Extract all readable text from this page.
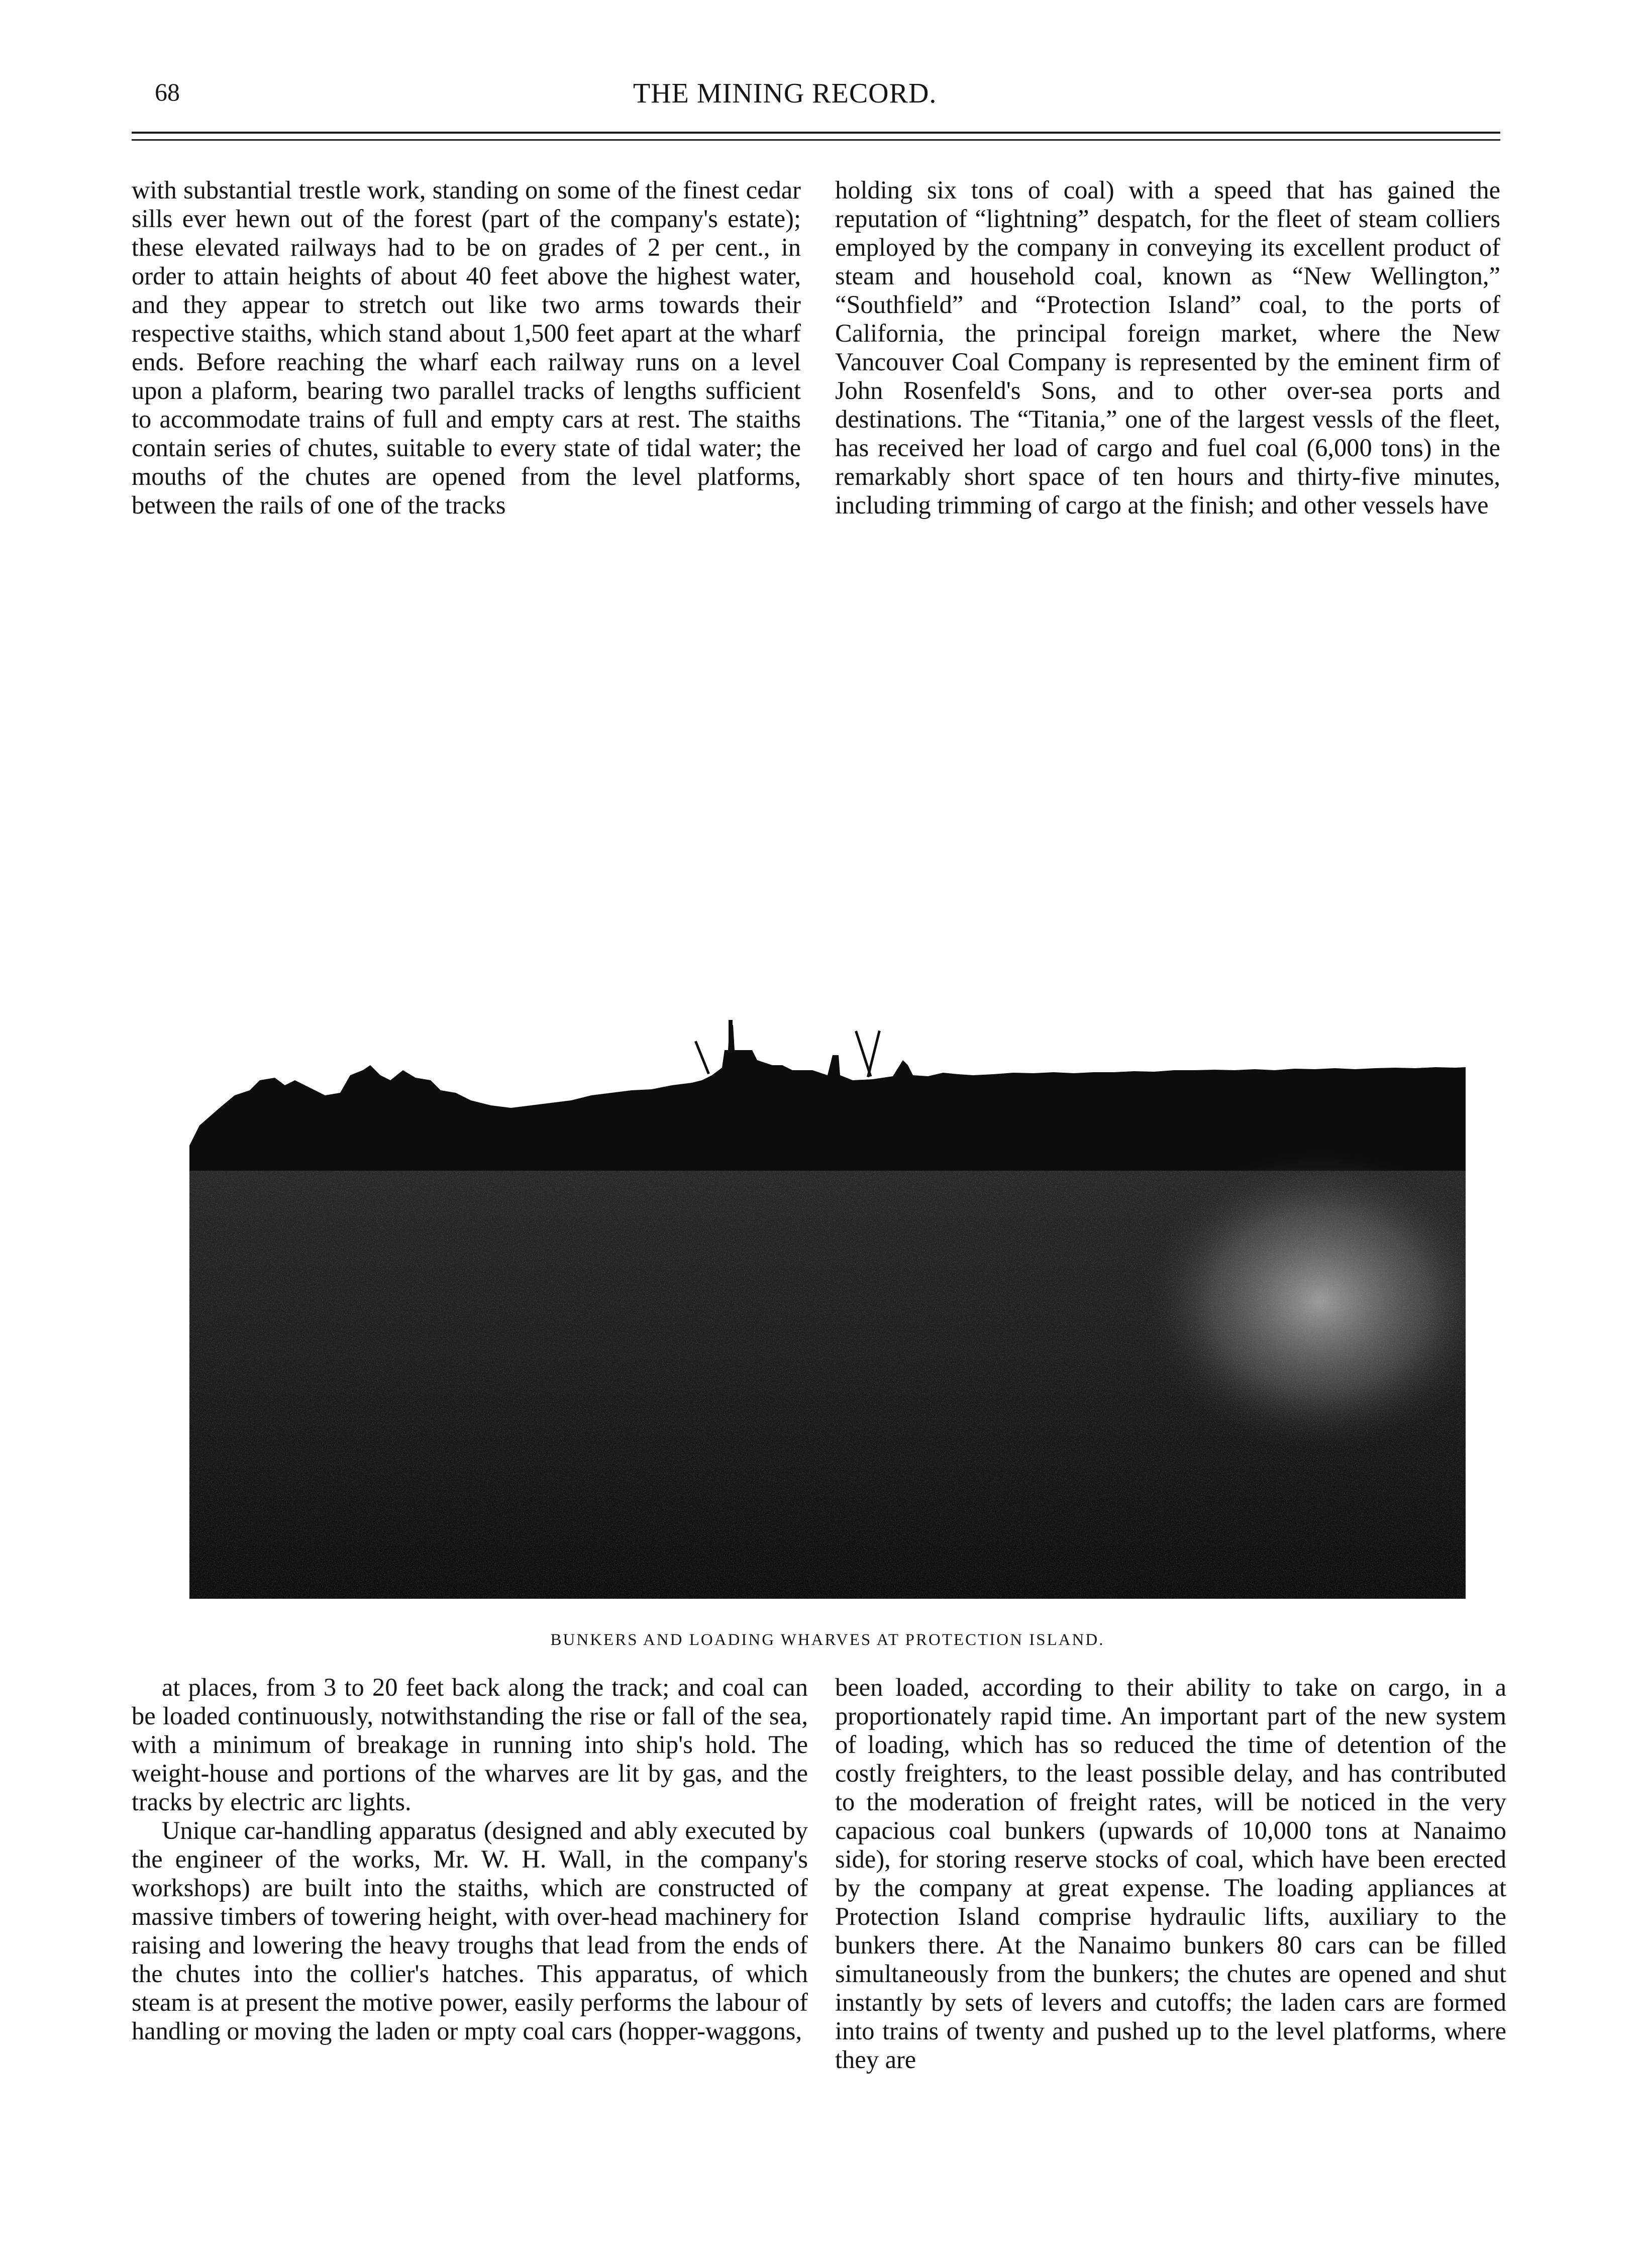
68	THE MINING RECORD.

with substantial trestle work, standing on some of the finest cedar sills ever hewn out of the forest (part of the company's estate); these elevated railways had to be on grades of 2 per cent., in order to attain heights of about 40 feet above the highest water, and they appear to stretch out like two arms towards their respective staiths, which stand about 1,500 feet apart at the wharf ends. Before reaching the wharf each railway runs on a level upon a plaform, bearing two parallel tracks of lengths sufficient to accommodate trains of full and empty cars at rest. The staiths contain series of chutes, suitable to every state of tidal water; the mouths of the chutes are opened from the level platforms, between the rails of one of the tracks

holding six tons of coal) with a speed that has gained the reputation of “lightning” despatch, for the fleet of steam colliers employed by the company in conveying its excellent product of steam and household coal, known as “New Wellington,” “Southfield” and “Protection Island” coal, to the ports of California, the principal foreign market, where the New Vancouver Coal Company is represented by the eminent firm of John Rosenfeld's Sons, and to other over-sea ports and destinations. The “Titania,” one of the largest vessls of the fleet, has received her load of cargo and fuel coal (6,000 tons) in the remarkably short space of ten hours and thirty-five minutes, including trimming of cargo at the finish; and other vessels have

BUNKERS AND LOADING WHARVES AT PROTECTION ISLAND.

at places, from 3 to 20 feet back along the track; and coal can be loaded continuously, notwithstanding the rise or fall of the sea, with a minimum of breakage in running into ship's hold. The weight-house and portions of the wharves are lit by gas, and the tracks by electric arc lights.

Unique car-handling apparatus (designed and ably executed by the engineer of the works, Mr. W. H. Wall, in the company's workshops) are built into the staiths, which are constructed of massive timbers of towering height, with over-head machinery for raising and lowering the heavy troughs that lead from the ends of the chutes into the collier's hatches. This apparatus, of which steam is at present the motive power, easily performs the labour of handling or moving the laden or mpty coal cars (hopper-waggons,

been loaded, according to their ability to take on cargo, in a proportionately rapid time. An important part of the new system of loading, which has so reduced the time of detention of the costly freighters, to the least possible delay, and has contributed to the moderation of freight rates, will be noticed in the very capacious coal bunkers (upwards of 10,000 tons at Nanaimo side), for storing reserve stocks of coal, which have been erected by the company at great expense. The loading appliances at Protection Island comprise hydraulic lifts, auxiliary to the bunkers there. At the Nanaimo bunkers 80 cars can be filled simultaneously from the bunkers; the chutes are opened and shut instantly by sets of levers and cutoffs; the laden cars are formed into trains of twenty and pushed up to the level platforms, where they are
